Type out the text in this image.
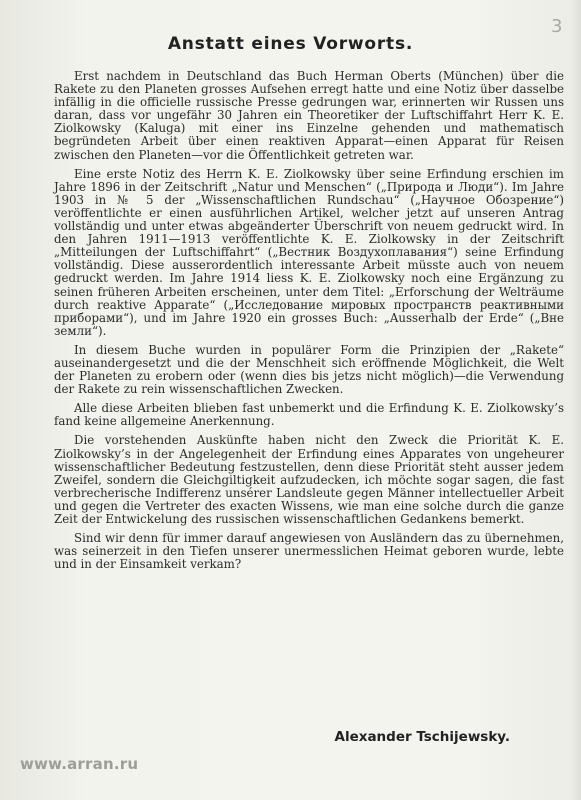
3
Anstatt eines Vorworts.

Erst nachdem in Deutschland das Buch Herman Oberts (München) über die Rakete zu den Planeten grosses Aufsehen erregt hatte und eine Notiz über dasselbe infällig in die officielle russische Presse gedrungen war, erinnerten wir Russen uns daran, dass vor ungefähr 30 Jahren ein Theoretiker der Luftschiffahrt Herr K. E. Ziolkowsky (Kaluga) mit einer ins Einzelne gehenden und mathematisch begründeten Arbeit über einen reaktiven Apparat—einen Apparat für Reisen zwischen den Planeten—vor die Öffentlichkeit getreten war.

Eine erste Notiz des Herrn K. E. Ziolkowsky über seine Erfindung erschien im Jahre 1896 in der Zeitschrift „Natur und Menschen“ („Природа и Люди“). Im Jahre 1903 in № 5 der „Wissenschaftlichen Rundschau“ („Научное Обозрение“) veröffentlichte er einen ausführlichen Artikel, welcher jetzt auf unseren Antrag vollständig und unter etwas abgeänderter Überschrift von neuem gedruckt wird. In den Jahren 1911—1913 veröffentlichte K. E. Ziolkowsky in der Zeitschrift „Mitteilungen der Luftschiffahrt“ („Вестник Воздухоплавания“) seine Erfindung vollständig. Diese ausserordentlich interessante Arbeit müsste auch von neuem gedruckt werden. Im Jahre 1914 liess K. E. Ziolkowsky noch eine Ergänzung zu seinen früheren Arbeiten erscheinen, unter dem Titel: „Erforschung der Welträume durch reaktive Apparate“ („Исследование мировых пространств реактивными приборами“), und im Jahre 1920 ein grosses Buch: „Ausserhalb der Erde“ („Вне земли“).

In diesem Buche wurden in populärer Form die Prinzipien der „Rakete“ auseinandergesetzt und die der Menschheit sich eröffnende Möglichkeit, die Welt der Planeten zu erobern oder (wenn dies bis jetzs nicht möglich)—die Verwendung der Rakete zu rein wissenschaftlichen Zwecken.

Alle diese Arbeiten blieben fast unbemerkt und die Erfindung K. E. Ziolkowsky’s fand keine allgemeine Anerkennung.

Die vorstehenden Auskünfte haben nicht den Zweck die Priorität K. E. Ziolkowsky’s in der Angelegenheit der Erfindung eines Apparates von ungeheurer wissenschaftlicher Bedeutung festzustellen, denn diese Priorität steht ausser jedem Zweifel, sondern die Gleichgiltigkeit aufzudecken, ich möchte sogar sagen, die fast verbrecherische Indifferenz unsérer Landsleute gegen Männer intellectueller Arbeit und gegen die Vertreter des exacten Wissens, wie man eine solche durch die ganze Zeit der Entwickelung des russischen wissenschaftlichen Gedankens bemerkt.

Sind wir denn für immer darauf angewiesen von Ausländern das zu übernehmen, was seinerzeit in den Tiefen unserer unermesslichen Heimat geboren wurde, lebte und in der Einsamkeit verkam?

Alexander Tschijewsky.
www.arran.ru
